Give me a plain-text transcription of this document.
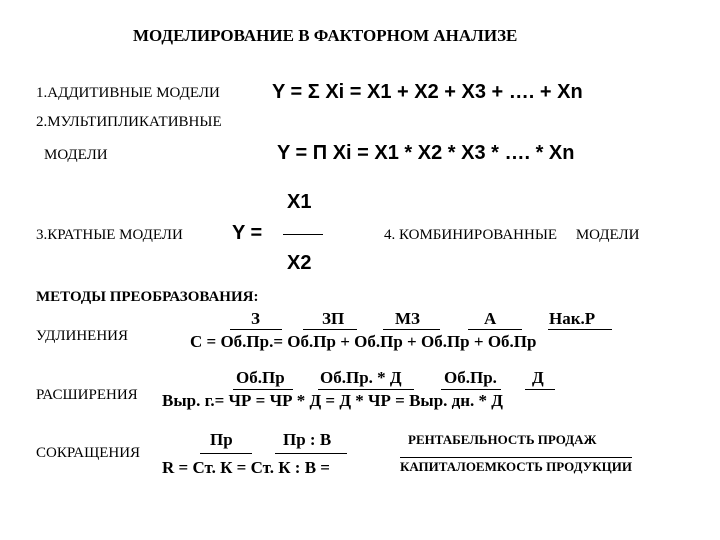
МОДЕЛИРОВАНИЕ В ФАКТОРНОМ АНАЛИЗЕ
1.АДДИТИВНЫЕ МОДЕЛИ	Y = Σ Xi = X1 + X2 + X3 + …. + Xn
2.МУЛЬТИПЛИКАТИВНЫЕ
МОДЕЛИ	Y = П Xi = X1 * X2 * X3 * …. * Xn
3.КРАТНЫЕ МОДЕЛИ Y =
X1
X2
4. КОМБИНИРОВАННЫЕ     МОДЕЛИ
МЕТОДЫ ПРЕОБРАЗОВАНИЯ:
УДЛИНЕНИЯ
З	ЗП	МЗ	А	Нак.Р
C = Об.Пр.= Об.Пр + Об.Пр + Об.Пр + Об.Пр
РАСШИРЕНИЯ
Об.Пр Об.Пр. * Д Об.Пр. Д
Выр. г.= ЧР = ЧР * Д = Д * ЧР = Выр. дн. * Д
СОКРАЩЕНИЯ
Пр	Пр : В	РЕНТАБЕЛЬНОСТЬ ПРОДАЖ
R = Ст. К = Ст. К : В =	КАПИТАЛОЕМКОСТЬ ПРОДУКЦИИ
